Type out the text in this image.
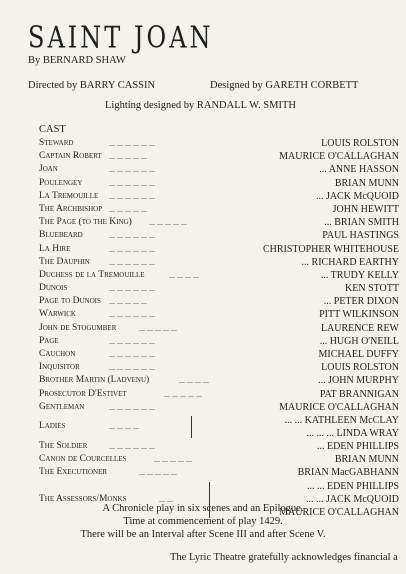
SAINT JOAN
By BERNARD SHAW
Directed by BARRY CASSIN	Designed by GARETH CORBETT
Lighting designed by RANDALL W. SMITH
CAST
Steward	... ... ... ... ... ...	LOUIS ROLSTON
Captain Robert ... ... ... ... ...	MAURICE O'CALLAGHAN
Joan	... ... ... ... ... ...	... ANNE HASSON
Poulengey	... ... ... ... ... ...	BRIAN MUNN
La Tremouille ... ... ... ... ... ...	... JACK McQUOID
The Archbishop ... ... ... ... ...	JOHN HEWITT
The Page (to the King) ... ... ... ... ...	... BRIAN SMITH
Bluebeard	... ... ... ... ... ...	PAUL HASTINGS
La Hire	... ... ... ... ... ...	CHRISTOPHER WHITEHOUSE
The Dauphin ... ... ... ... ... ...	... RICHARD EARTHY
Duchess de la Tremouille	... ... ... ...	... TRUDY KELLY
Dunois	... ... ... ... ... ...	KEN STOTT
Page to Dunois ... ... ... ... ...	... PETER DIXON
Warwick	... ... ... ... ... ...	PITT WILKINSON
John de Stogumber	... ... ... ... ...	LAURENCE REW
Page	... ... ... ... ... ...	... HUGH O'NEILL
Cauchon	... ... ... ... ... ...	MICHAEL DUFFY
Inquisitor	... ... ... ... ... ...	LOUIS ROLSTON
Brother Martin (Ladvenu)	... ... ... ...	... JOHN MURPHY
Prosecutor D'Estivet	... ... ... ... ...	PAT BRANNIGAN
Gentleman	... ... ... ... ... ...	MAURICE O'CALLAGHAN
Ladies	... ... ... ...
... ... KATHLEEN McCLAY
... ... ... LINDA WRAY
The Soldier	... ... ... ... ... ...	... EDEN PHILLIPS
Canon de Courcelles	... ... ... ... ...	BRIAN MUNN
The Executioner	... ... ... ... ...	BRIAN MacGABHANN
The Assessors/Monks	... ...
... ... EDEN PHILLIPS
... ... JACK McQUOID
MAURICE O'CALLAGHAN
A Chronicle play in six scenes and an Epilogue.
Time at commencement of play 1429.
There will be an Interval after Scene III and after Scene V.
The Lyric Theatre gratefully acknowledges financial a
